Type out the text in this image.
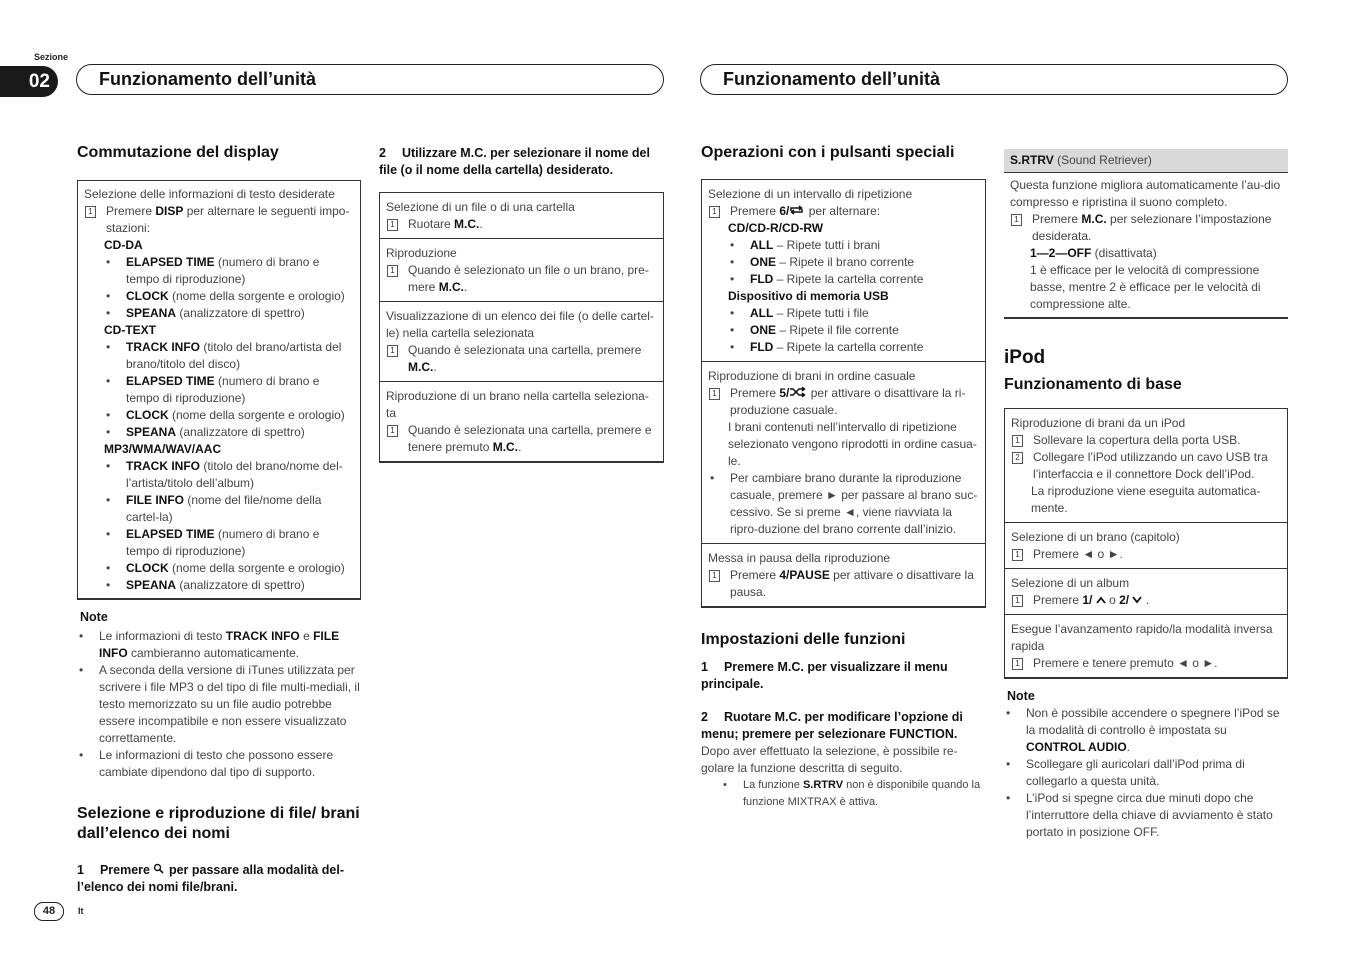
Sezione
02	Funzionamento dell’unità	Funzionamento dell’unità
Commutazione del display
Selezione delle informazioni di testo desiderate
1 Premere DISP per alternare le seguenti impo-stazioni:
CD-DA
•	ELAPSED TIME (numero di brano e tempo di riproduzione)
•	CLOCK (nome della sorgente e orologio)
•	SPEANA (analizzatore di spettro)
CD-TEXT
•	TRACK INFO (titolo del brano/artista del brano/titolo del disco)
•	ELAPSED TIME (numero di brano e tempo di riproduzione)
•	CLOCK (nome della sorgente e orologio)
•	SPEANA (analizzatore di spettro)
MP3/WMA/WAV/AAC
•	TRACK INFO (titolo del brano/nome del-l’artista/titolo dell’album)
•	FILE INFO (nome del file/nome della cartel-la)
•	ELAPSED TIME (numero di brano e tempo di riproduzione)
•	CLOCK (nome della sorgente e orologio)
•	SPEANA (analizzatore di spettro)
Note
•	Le informazioni di testo TRACK INFO e FILE INFO cambieranno automaticamente.
•	A seconda della versione di iTunes utilizzata per scrivere i file MP3 o del tipo di file multi-mediali, il testo memorizzato su un file audio potrebbe essere incompatibile e non essere visualizzato correttamente.
•	Le informazioni di testo che possono essere cambiate dipendono dal tipo di supporto.
Selezione e riproduzione di file/ brani dall’elenco dei nomi
1 Premere  per passare alla modalità del-l’elenco dei nomi file/brani.
2 Utilizzare M.C. per selezionare il nome del file (o il nome della cartella) desiderato.
Selezione di un file o di una cartella
1 Ruotare M.C..
Riproduzione
1 Quando è selezionato un file o un brano, pre-mere M.C..
Visualizzazione di un elenco dei file (o delle cartel-le) nella cartella selezionata
1 Quando è selezionata una cartella, premere M.C..
Riproduzione di un brano nella cartella seleziona-ta
1 Quando è selezionata una cartella, premere e tenere premuto M.C..
Operazioni con i pulsanti speciali
Selezione di un intervallo di ripetizione
1 Premere 6/ per alternare:
CD/CD-R/CD-RW
•	ALL – Ripete tutti i brani
•	ONE – Ripete il brano corrente
•	FLD – Ripete la cartella corrente
Dispositivo di memoria USB
•	ALL – Ripete tutti i file
•	ONE – Ripete il file corrente
•	FLD – Ripete la cartella corrente
Riproduzione di brani in ordine casuale
1 Premere 5/ per attivare o disattivare la ri-produzione casuale.
I brani contenuti nell’intervallo di ripetizione selezionato vengono riprodotti in ordine casua-le.
•	Per cambiare brano durante la riproduzione casuale, premere ► per passare al brano suc-cessivo. Se si preme ◄, viene riavviata la ripro-duzione del brano corrente dall’inizio.
Messa in pausa della riproduzione
1 Premere 4/PAUSE per attivare o disattivare la pausa.
Impostazioni delle funzioni
1 Premere M.C. per visualizzare il menu principale.
2 Ruotare M.C. per modificare l’opzione di menu; premere per selezionare FUNCTION.
Dopo aver effettuato la selezione, è possibile re-golare la funzione descritta di seguito.
•	La funzione S.RTRV non è disponibile quando la funzione MIXTRAX è attiva.
S.RTRV (Sound Retriever)
Questa funzione migliora automaticamente l’au-dio compresso e ripristina il suono completo.
1 Premere M.C. per selezionare l’impostazione desiderata.
1—2—OFF (disattivata)
1 è efficace per le velocità di compressione basse, mentre 2 è efficace per le velocità di compressione alte.
iPod
Funzionamento di base
Riproduzione di brani da un iPod
1 Sollevare la copertura della porta USB.
2 Collegare l’iPod utilizzando un cavo USB tra l’interfaccia e il connettore Dock dell’iPod.
La riproduzione viene eseguita automatica-mente.
Selezione di un brano (capitolo)
1 Premere ◄ o ►.
Selezione di un album
1 Premere 1/  o 2/ .
Esegue l’avanzamento rapido/la modalità inversa rapida
1 Premere e tenere premuto ◄ o ►.
Note
•	Non è possibile accendere o spegnere l’iPod se la modalità di controllo è impostata su CONTROL AUDIO.
•	Scollegare gli auricolari dall’iPod prima di collegarlo a questa unità.
•	L’iPod si spegne circa due minuti dopo che l’interruttore della chiave di avviamento è stato portato in posizione OFF.
48	It
